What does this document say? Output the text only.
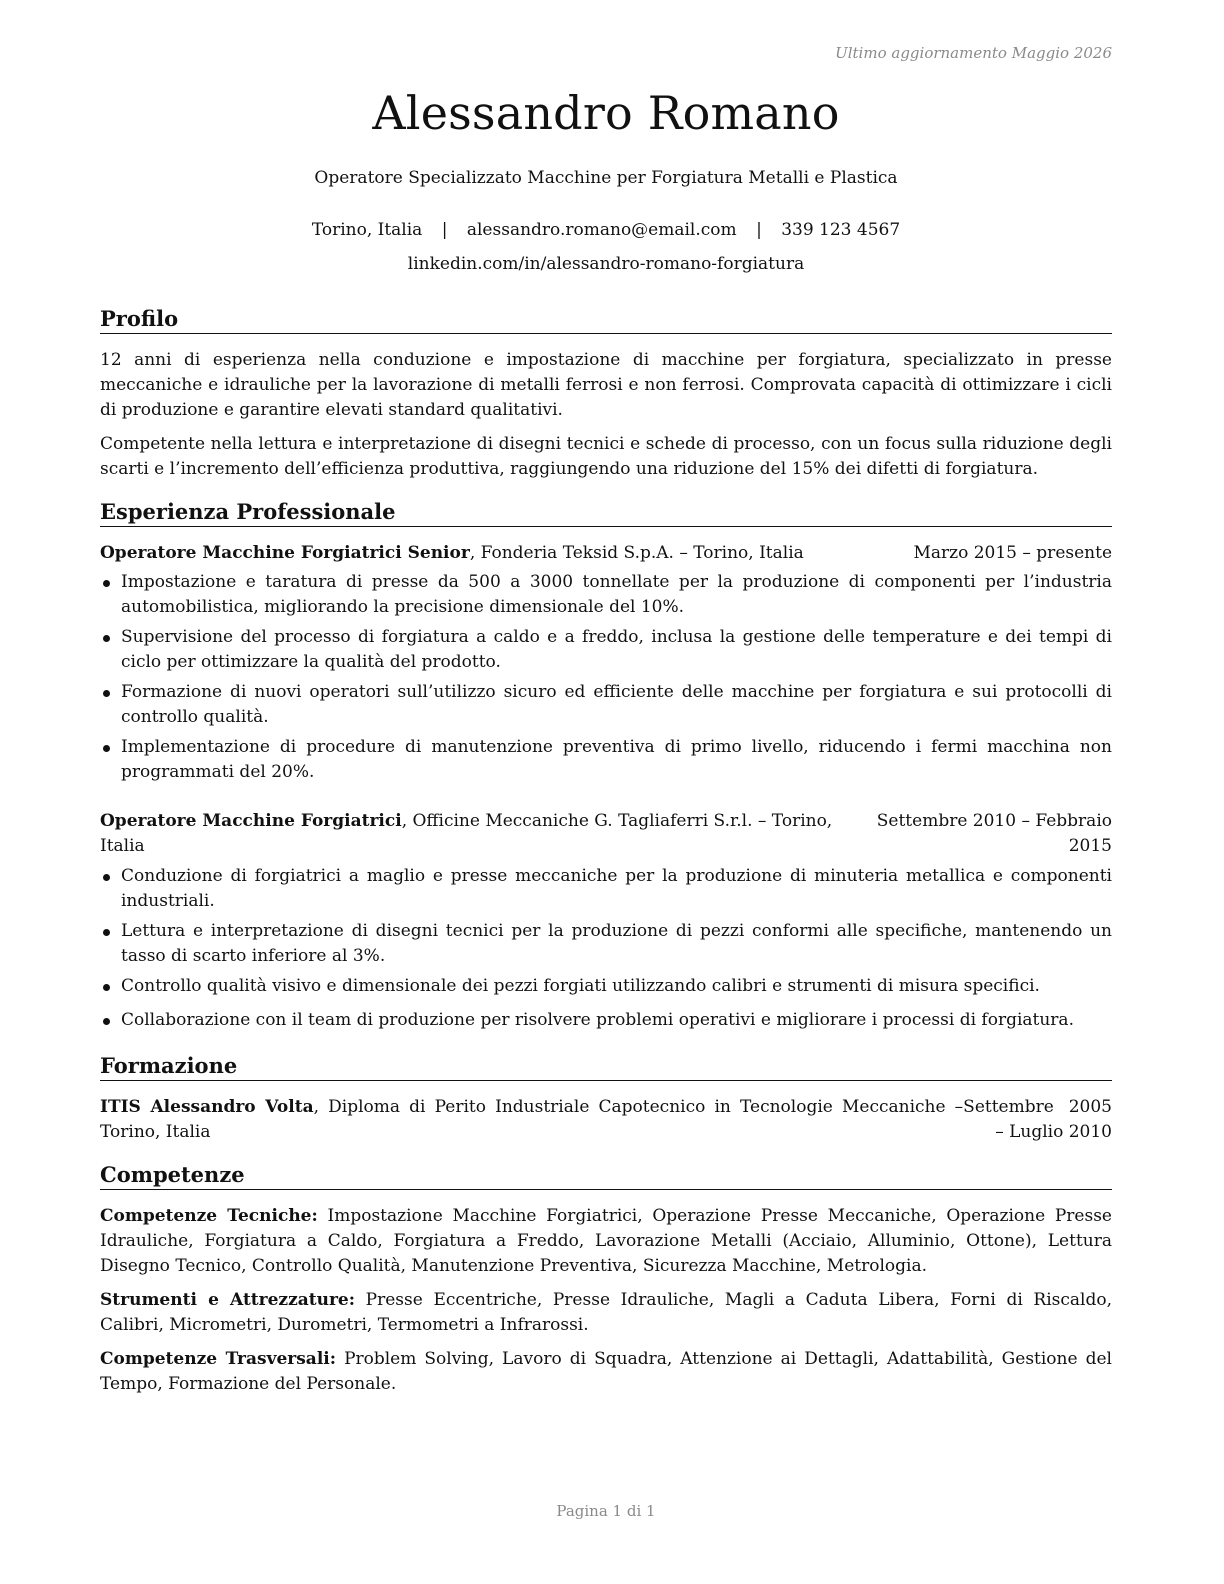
Ultimo aggiornamento Maggio 2026
Alessandro Romano
Operatore Specializzato Macchine per Forgiatura Metalli e Plastica
Torino, Italia | alessandro.romano@email.com | 339 123 4567
linkedin.com/in/alessandro-romano-forgiatura
Profilo

12 anni di esperienza nella conduzione e impostazione di macchine per forgiatura, specializzato in presse meccaniche e idrauliche per la lavorazione di metalli ferrosi e non ferrosi. Comprovata capacità di ottimizzare i cicli di produzione e garantire elevati standard qualitativi.

Competente nella lettura e interpretazione di disegni tecnici e schede di processo, con un focus sulla riduzione degli scarti e l’incremento dell’efficienza produttiva, raggiungendo una riduzione del 15% dei difetti di forgiatura.

Esperienza Professionale
Operatore Macchine Forgiatrici Senior, Fonderia Teksid S.p.A. – Torino, Italia	Marzo 2015 – presente
Impostazione e taratura di presse da 500 a 3000 tonnellate per la produzione di componenti per l’industria automobilistica, migliorando la precisione dimensionale del 10%.
Supervisione del processo di forgiatura a caldo e a freddo, inclusa la gestione delle temperature e dei tempi di ciclo per ottimizzare la qualità del prodotto.
Formazione di nuovi operatori sull’utilizzo sicuro ed efficiente delle macchine per forgiatura e sui protocolli di controllo qualità.
Implementazione di procedure di manutenzione preventiva di primo livello, riducendo i fermi macchina non programmati del 20%.
Operatore Macchine Forgiatrici, Officine Meccaniche G. Tagliaferri S.r.l. – Torino, Italia
Settembre 2010 – Febbraio 2015
Conduzione di forgiatrici a maglio e presse meccaniche per la produzione di minuteria metallica e componenti industriali.
Lettura e interpretazione di disegni tecnici per la produzione di pezzi conformi alle specifiche, mantenendo un tasso di scarto inferiore al 3%.
Controllo qualità visivo e dimensionale dei pezzi forgiati utilizzando calibri e strumenti di misura specifici.
Collaborazione con il team di produzione per risolvere problemi operativi e migliorare i processi di forgiatura.
Formazione
ITIS Alessandro Volta, Diploma di Perito Industriale Capotecnico in Tecnologie Meccaniche – Torino, Italia
Settembre 2005 – Luglio 2010
Competenze

Competenze Tecniche: Impostazione Macchine Forgiatrici, Operazione Presse Meccaniche, Operazione Presse Idrauliche, Forgiatura a Caldo, Forgiatura a Freddo, Lavorazione Metalli (Acciaio, Alluminio, Ottone), Lettura Disegno Tecnico, Controllo Qualità, Manutenzione Preventiva, Sicurezza Macchine, Metrologia.

Strumenti e Attrezzature: Presse Eccentriche, Presse Idrauliche, Magli a Caduta Libera, Forni di Riscaldo, Calibri, Micrometri, Durometri, Termometri a Infrarossi.

Competenze Trasversali: Problem Solving, Lavoro di Squadra, Attenzione ai Dettagli, Adattabilità, Gestione del Tempo, Formazione del Personale.

Pagina 1 di 1
